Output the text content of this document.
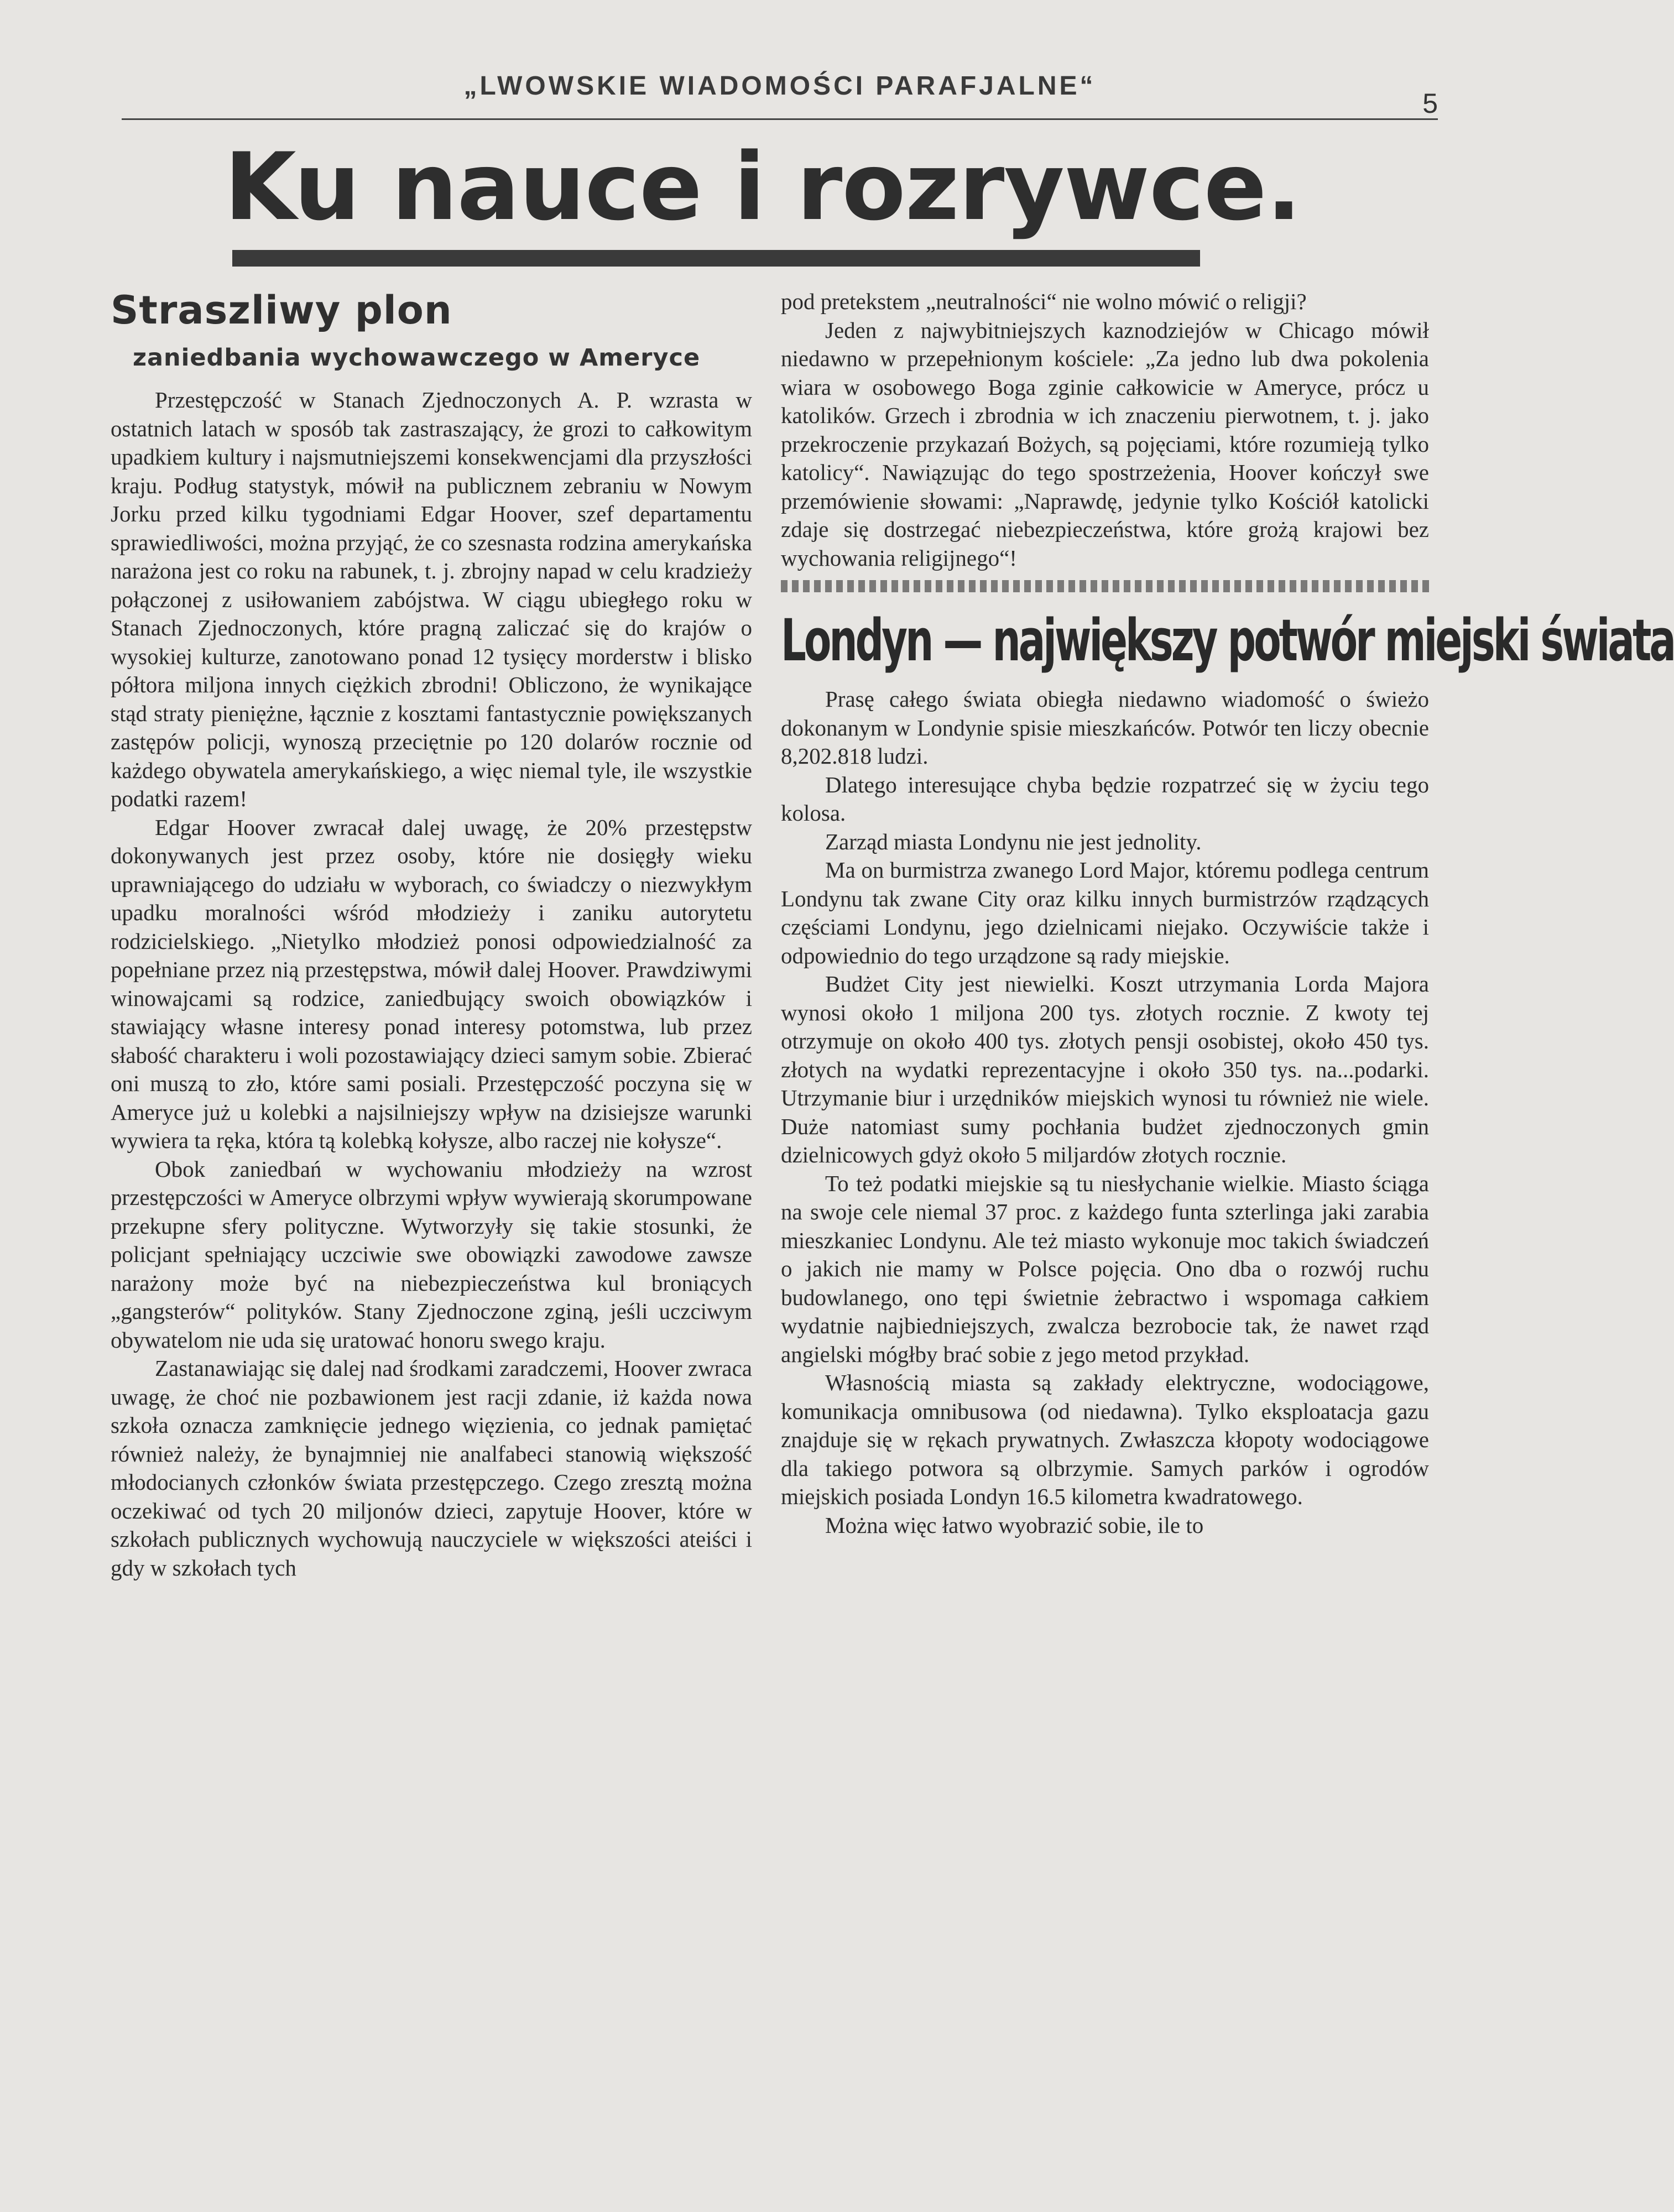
„LWOWSKIE WIADOMOŚCI PARAFJALNE“
5
Ku nauce i rozrywce.
Straszliwy plon
zaniedbania wychowawczego w Ameryce

Przestępczość w Stanach Zjednoczonych A. P. wzrasta w ostatnich latach w sposób tak zastraszający, że grozi to całkowitym upadkiem kultury i najsmutniejszemi konsekwencjami dla przyszłości kraju. Podług statystyk, mówił na publicznem zebraniu w Nowym Jorku przed kilku tygodniami Edgar Hoover, szef departamentu sprawiedliwości, można przyjąć, że co szesnasta rodzina amerykańska narażona jest co roku na rabunek, t. j. zbrojny napad w celu kradzieży połączonej z usiłowaniem zabójstwa. W ciągu ubiegłego roku w Stanach Zjednoczonych, które pragną zaliczać się do krajów o wysokiej kulturze, zanotowano ponad 12 tysięcy morderstw i blisko półtora miljona innych ciężkich zbrodni! Obliczono, że wynikające stąd straty pieniężne, łącznie z kosztami fantastycznie powiększanych zastępów policji, wynoszą przeciętnie po 120 dolarów rocznie od każdego obywatela amerykańskiego, a więc niemal tyle, ile wszystkie podatki razem!

Edgar Hoover zwracał dalej uwagę, że 20% przestępstw dokonywanych jest przez osoby, które nie dosięgły wieku uprawniającego do udziału w wyborach, co świadczy o niezwykłym upadku moralności wśród młodzieży i zaniku autorytetu rodzicielskiego. „Nietylko młodzież ponosi odpowiedzialność za popełniane przez nią przestępstwa, mówił dalej Hoover. Prawdziwymi winowajcami są rodzice, zaniedbujący swoich obowiązków i stawiający własne interesy ponad interesy potomstwa, lub przez słabość charakteru i woli pozostawiający dzieci samym sobie. Zbierać oni muszą to zło, które sami posiali. Przestępczość poczyna się w Ameryce już u kolebki a najsilniejszy wpływ na dzisiejsze warunki wywiera ta ręka, która tą kolebką kołysze, albo raczej nie kołysze“.

Obok zaniedbań w wychowaniu młodzieży na wzrost przestępczości w Ameryce olbrzymi wpływ wywierają skorumpowane przekupne sfery polityczne. Wytworzyły się takie stosunki, że policjant spełniający uczciwie swe obowiązki zawodowe zawsze narażony może być na niebezpieczeństwa kul broniących „gangsterów“ polityków. Stany Zjednoczone zginą, jeśli uczciwym obywatelom nie uda się uratować honoru swego kraju.

Zastanawiając się dalej nad środkami zaradczemi, Hoover zwraca uwagę, że choć nie pozbawionem jest racji zdanie, iż każda nowa szkoła oznacza zamknięcie jednego więzienia, co jednak pamiętać również należy, że bynajmniej nie analfabeci stanowią większość młodocianych członków świata przestępczego. Czego zresztą można oczekiwać od tych 20 miljonów dzieci, zapytuje Hoover, które w szkołach publicznych wychowują nauczyciele w większości ateiści i gdy w szkołach tych

pod pretekstem „neutralności“ nie wolno mówić o religji?

Jeden z najwybitniejszych kaznodziejów w Chicago mówił niedawno w przepełnionym kościele: „Za jedno lub dwa pokolenia wiara w osobowego Boga zginie całkowicie w Ameryce, prócz u katolików. Grzech i zbrodnia w ich znaczeniu pierwotnem, t. j. jako przekroczenie przykazań Bożych, są pojęciami, które rozumieją tylko katolicy“. Nawiązując do tego spostrzeżenia, Hoover kończył swe przemówienie słowami: „Naprawdę, jedynie tylko Kościół katolicki zdaje się dostrzegać niebezpieczeństwa, które grożą krajowi bez wychowania religijnego“!

Londyn — największy potwór miejski świata

Prasę całego świata obiegła niedawno wiadomość o świeżo dokonanym w Londynie spisie mieszkańców. Potwór ten liczy obecnie 8,202.818 ludzi.

Dlatego interesujące chyba będzie rozpatrzeć się w życiu tego kolosa.

Zarząd miasta Londynu nie jest jednolity.

Ma on burmistrza zwanego Lord Major, któremu podlega centrum Londynu tak zwane City oraz kilku innych burmistrzów rządzących częściami Londynu, jego dzielnicami niejako. Oczywiście także i odpowiednio do tego urządzone są rady miejskie.

Budżet City jest niewielki. Koszt utrzymania Lorda Majora wynosi około 1 miljona 200 tys. złotych rocznie. Z kwoty tej otrzymuje on około 400 tys. złotych pensji osobistej, około 450 tys. złotych na wydatki reprezentacyjne i około 350 tys. na...podarki. Utrzymanie biur i urzędników miejskich wynosi tu również nie wiele. Duże natomiast sumy pochłania budżet zjednoczonych gmin dzielnicowych gdyż około 5 miljardów złotych rocznie.

To też podatki miejskie są tu niesłychanie wielkie. Miasto ściąga na swoje cele niemal 37 proc. z każdego funta szterlinga jaki zarabia mieszkaniec Londynu. Ale też miasto wykonuje moc takich świadczeń o jakich nie mamy w Polsce pojęcia. Ono dba o rozwój ruchu budowlanego, ono tępi świetnie żebractwo i wspomaga całkiem wydatnie najbiedniejszych, zwalcza bezrobocie tak, że nawet rząd angielski mógłby brać sobie z jego metod przykład.

Własnością miasta są zakłady elektryczne, wodociągowe, komunikacja omnibusowa (od niedawna). Tylko eksploatacja gazu znajduje się w rękach prywatnych. Zwłaszcza kłopoty wodociągowe dla takiego potwora są olbrzymie. Samych parków i ogrodów miejskich posiada Londyn 16.5 kilometra kwadratowego.

Można więc łatwo wyobrazić sobie, ile to
